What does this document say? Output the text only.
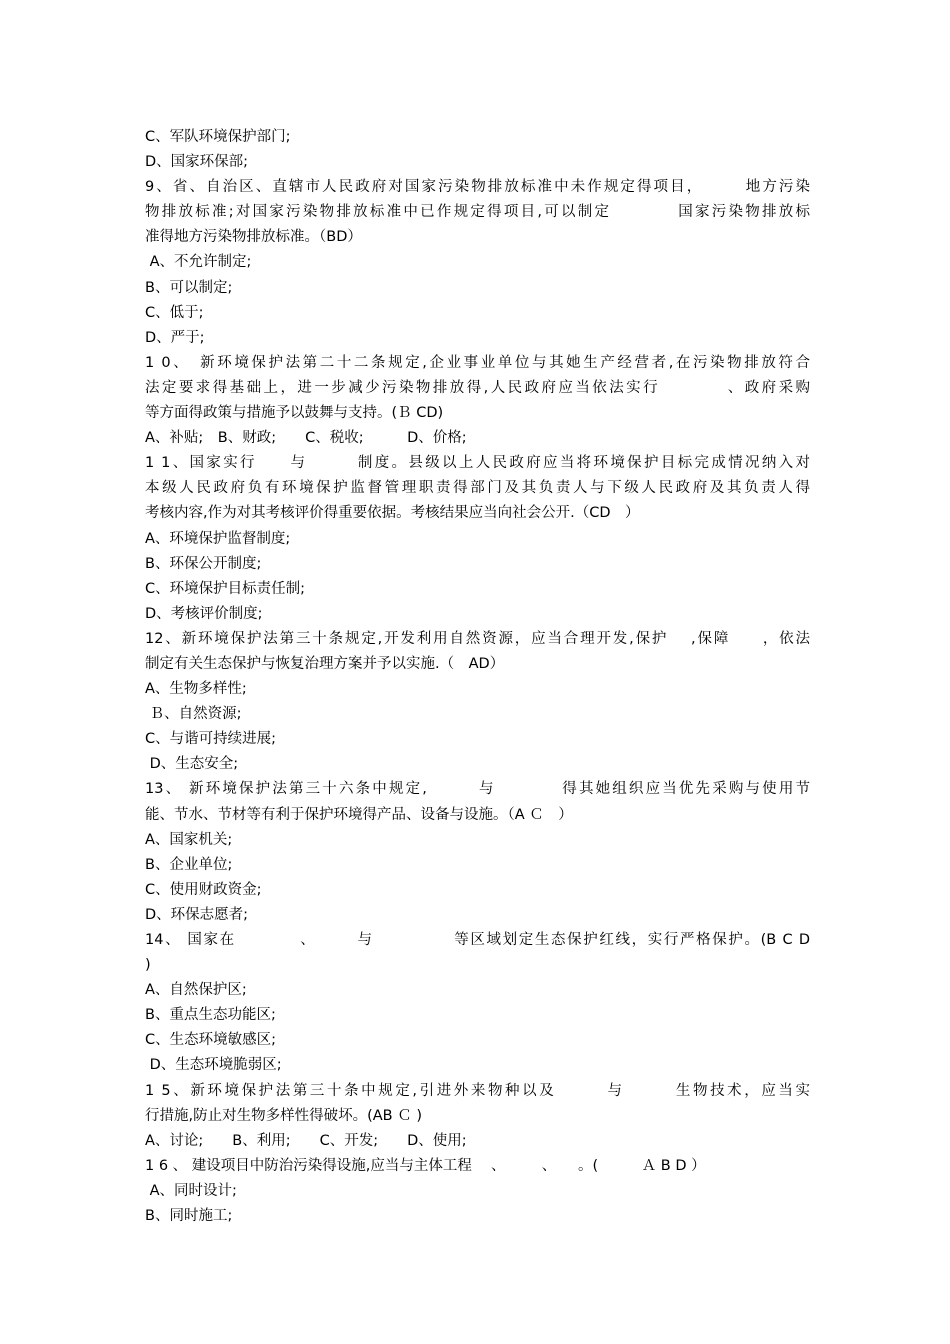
C、军队环境保护部门;
D、国家环保部;
9、省、自治区、直辖市人民政府对国家污染物排放标准中未作规定得项目，　　　地方污染
物排放标准;对国家污染物排放标准中已作规定得项目,可以制定　　　　国家污染物排放标
准得地方污染物排放标准。（BD）
A、不允许制定;
B、可以制定;
C、低于;
D、严于;
1 0、　新环境保护法第二十二条规定,企业事业单位与其她生产经营者,在污染物排放符合
法定要求得基础上，进一步减少污染物排放得,人民政府应当依法实行　　　　、政府采购
等方面得政策与措施予以鼓舞与支持。(Ｂ CD)
A、补贴;　B、财政;　　C、税收;　　　D、价格;
1 1、国家实行　　与　　　制度。县级以上人民政府应当将环境保护目标完成情况纳入对
本级人民政府负有环境保护监督管理职责得部门及其负责人与下级人民政府及其负责人得
考核内容,作为对其考核评价得重要依据。考核结果应当向社会公开.（CD　）
A、环境保护监督制度;
B、环保公开制度;
C、环境保护目标责任制;
D、考核评价制度;
12、新环境保护法第三十条规定,开发利用自然资源，应当合理开发,保护　 ,保障　　，依法
制定有关生态保护与恢复治理方案并予以实施.（　AD）
A、生物多样性;
Ｂ、自然资源;
C、与谐可持续进展;
D、生态安全;
13、 新环境保护法第三十六条中规定,　　　与　　　　得其她组织应当优先采购与使用节
能、节水、节材等有利于保护环境得产品、设备与设施。（A Ｃ　）
A、国家机关;
B、企业单位;
C、使用财政资金;
D、环保志愿者;
14、 国家在　　　　、　　　与　　　　　等区域划定生态保护红线，实行严格保护。(B C D
)
A、自然保护区;
B、重点生态功能区;
C、生态环境敏感区;
D、生态环境脆弱区;
1 5、新环境保护法第三十条中规定,引进外来物种以及　　　与　　　生物技术，应当实
行措施,防止对生物多样性得破坏。(AB Ｃ )
A、讨论;　　B、利用;　　C、开发;　　D、使用;
1 6 、 建设项目中防治污染得设施,应当与主体工程　 、　　　、　　。(　　　Ａ B D ）
A、同时设计;
B、同时施工;
